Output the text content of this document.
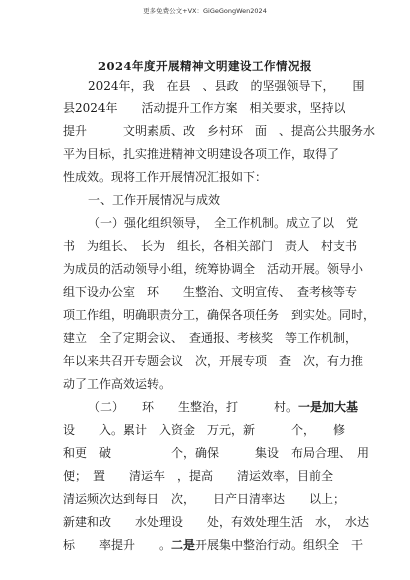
更多免费公文+VX：GiGeGongWen2024
2024年度开展精神文明建设工作情况报
2024年，我　在县　、县政　的坚强领导下，　　围
县2024年　　活动提升工作方案　相关要求，坚持以
提升　　　文明素质、改　乡村环　面　、提高公共服务水
平为目标，扎实推进精神文明建设各项工作，取得了
性成效。现将工作开展情况汇报如下：
一、工作开展情况与成效
（一）强化组织领导，　全工作机制。成立了以　党
书　为组长、　长为　组长，各相关部门　责人　村支书
为成员的活动领导小组，统筹协调全　活动开展。领导小
组下设办公室　环　　生整治、文明宣传、　查考核等专
项工作组，明确职责分工，确保各项任务　到实处。同时，
建立　全了定期会议、　查通报、考核奖　等工作机制，
年以来共召开专题会议　次，开展专项　查　次，有力推
动了工作高效运转。
（二）　　环　　生整治，打　　　村。一是加大基
设　　入。累计　入资金　万元，新　　　个，　　修
和更　破　　　　　个，确保　　　集设　布局合理、　用
便；　置　　清运车　，提高　　清运效率，目前全
清运频次达到每日　次，　　日产日清率达　　以上；
新建和改　　水处理设　　处，有效处理生活　水，　水达
标　　率提升　　。二是开展集中整治行动。组织全　干
